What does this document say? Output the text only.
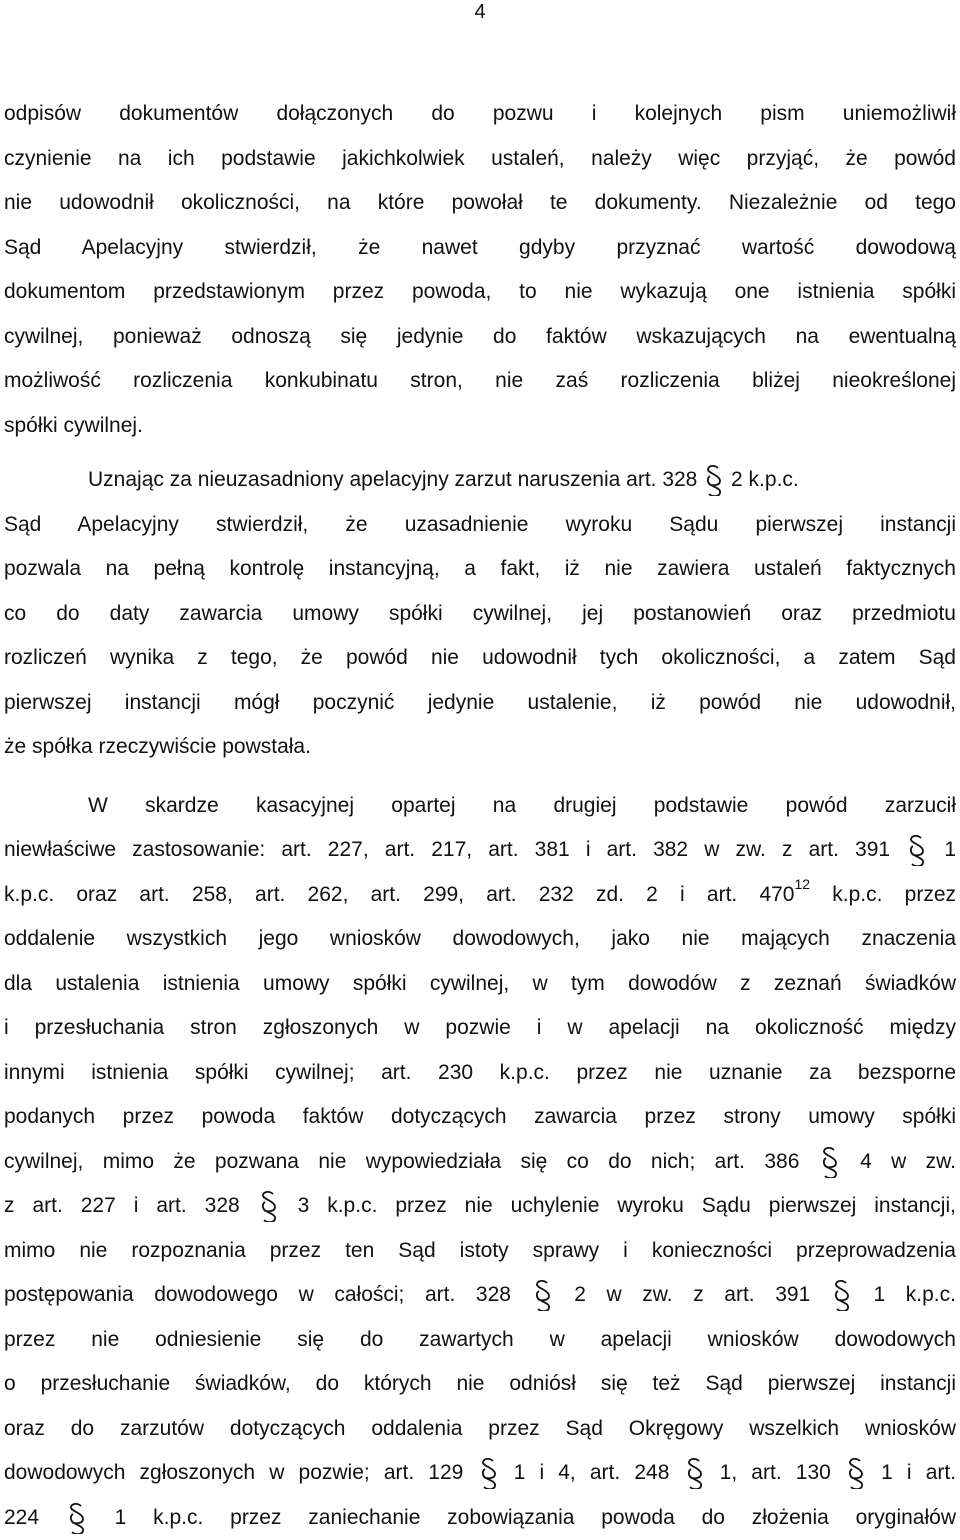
4
odpisów dokumentów dołączonych do pozwu i kolejnych pism uniemożliwił
czynienie na ich podstawie jakichkolwiek ustaleń, należy więc przyjąć, że powód
nie udowodnił okoliczności, na które powołał te dokumenty. Niezależnie od tego
Sąd Apelacyjny stwierdził, że nawet gdyby przyznać wartość dowodową
dokumentom przedstawionym przez powoda, to nie wykazują one istnienia spółki
cywilnej, ponieważ odnoszą się jedynie do faktów wskazujących na ewentualną
możliwość rozliczenia konkubinatu stron, nie zaś rozliczenia bliżej nieokreślonej
spółki cywilnej.
Uznając za nieuzasadniony apelacyjny zarzut naruszenia art. 328 2 k.p.c.
Sąd Apelacyjny stwierdził, że uzasadnienie wyroku Sądu pierwszej instancji
pozwala na pełną kontrolę instancyjną, a fakt, iż nie zawiera ustaleń faktycznych
co do daty zawarcia umowy spółki cywilnej, jej postanowień oraz przedmiotu
rozliczeń wynika z tego, że powód nie udowodnił tych okoliczności, a zatem Sąd
pierwszej instancji mógł poczynić jedynie ustalenie, iż powód nie udowodnił,
że spółka rzeczywiście powstała.
W skardze kasacyjnej opartej na drugiej podstawie powód zarzucił
niewłaściwe zastosowanie: art. 227, art. 217, art. 381 i art. 382 w zw. z art. 391	1
k.p.c. oraz art. 258, art. 262, art. 299, art. 232 zd. 2 i art. $470^{12}$ k.p.c. przez
oddalenie wszystkich jego wniosków dowodowych, jako nie mających znaczenia
dla ustalenia istnienia umowy spółki cywilnej, w tym dowodów z zeznań świadków
i przesłuchania stron zgłoszonych w pozwie i w apelacji na okoliczność między
innymi istnienia spółki cywilnej; art. 230 k.p.c. przez nie uznanie za bezsporne
podanych przez powoda faktów dotyczących zawarcia przez strony umowy spółki
cywilnej, mimo że pozwana nie wypowiedziała się co do nich; art. 386	4 w zw.
z art. 227 i art. 328	3 k.p.c. przez nie uchylenie wyroku Sądu pierwszej instancji,
mimo nie rozpoznania przez ten Sąd istoty sprawy i konieczności przeprowadzenia
postępowania dowodowego w całości; art. 328	2 w zw. z art. 391	1 k.p.c.
przez nie odniesienie się do zawartych w apelacji wniosków dowodowych
o przesłuchanie świadków, do których nie odniósł się też Sąd pierwszej instancji
oraz do zarzutów dotyczących oddalenia przez Sąd Okręgowy wszelkich wniosków
dowodowych zgłoszonych w pozwie; art. 129 1 i 4, art. 248 1, art. 130 1 i art.
224	1 k.p.c. przez zaniechanie zobowiązania powoda do złożenia oryginałów
